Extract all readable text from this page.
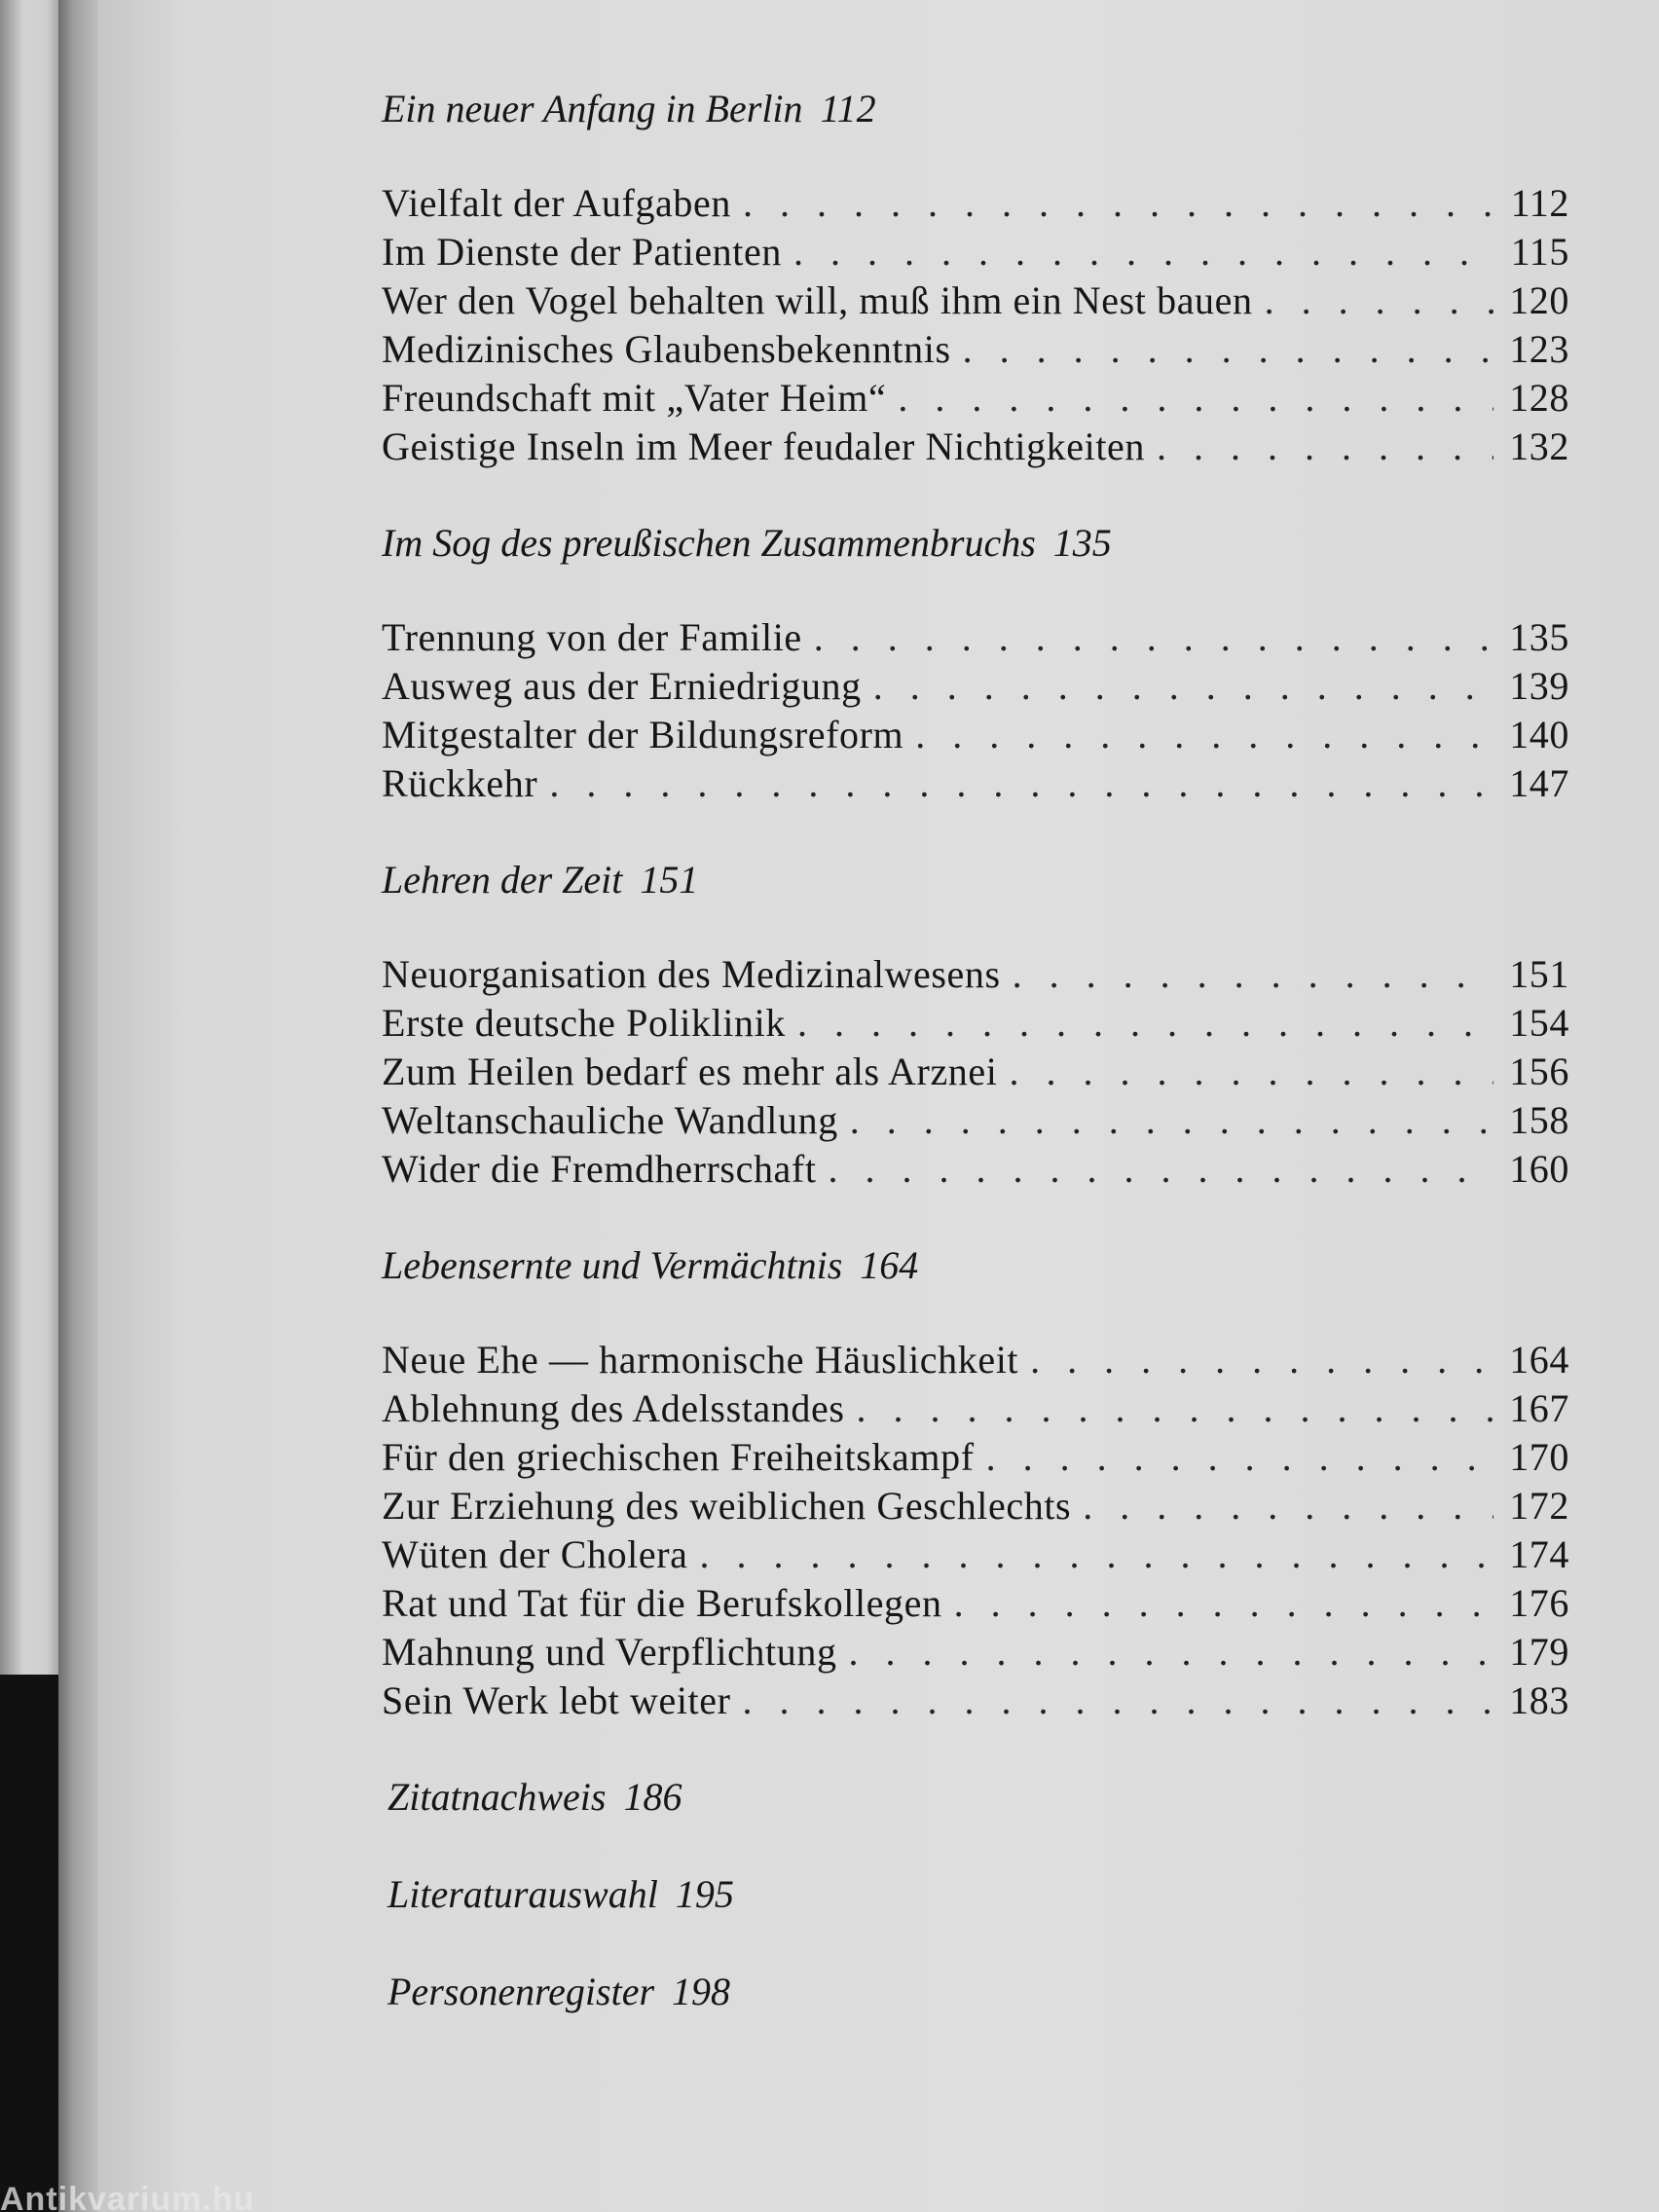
Ein neuer Anfang in Berlin 112
Vielfalt der Aufgaben . . .	112
Im Dienste der Patienten . . .	115
Wer den Vogel behalten will, muß ihm ein Nest bauen . . .	120
Medizinisches Glaubensbekenntnis . . .	123
Freundschaft mit „Vater Heim“ . . .	128
Geistige Inseln im Meer feudaler Nichtigkeiten . . .	132
Im Sog des preußischen Zusammenbruchs 135
Trennung von der Familie . . .	135
Ausweg aus der Erniedrigung . . .	139
Mitgestalter der Bildungsreform . . .	140
Rückkehr . . .	147
Lehren der Zeit 151
Neuorganisation des Medizinalwesens . . .	151
Erste deutsche Poliklinik . . .	154
Zum Heilen bedarf es mehr als Arznei . . .	156
Weltanschauliche Wandlung . . .	158
Wider die Fremdherrschaft . . .	160
Lebensernte und Vermächtnis 164
Neue Ehe — harmonische Häuslichkeit . . .	164
Ablehnung des Adelsstandes . . .	167
Für den griechischen Freiheitskampf . . .	170
Zur Erziehung des weiblichen Geschlechts . . .	172
Wüten der Cholera . . .	174
Rat und Tat für die Berufskollegen . . .	176
Mahnung und Verpflichtung . . .	179
Sein Werk lebt weiter . . .	183
Zitatnachweis 186
Literaturauswahl 195
Personenregister 198
Antikvarium.hu
